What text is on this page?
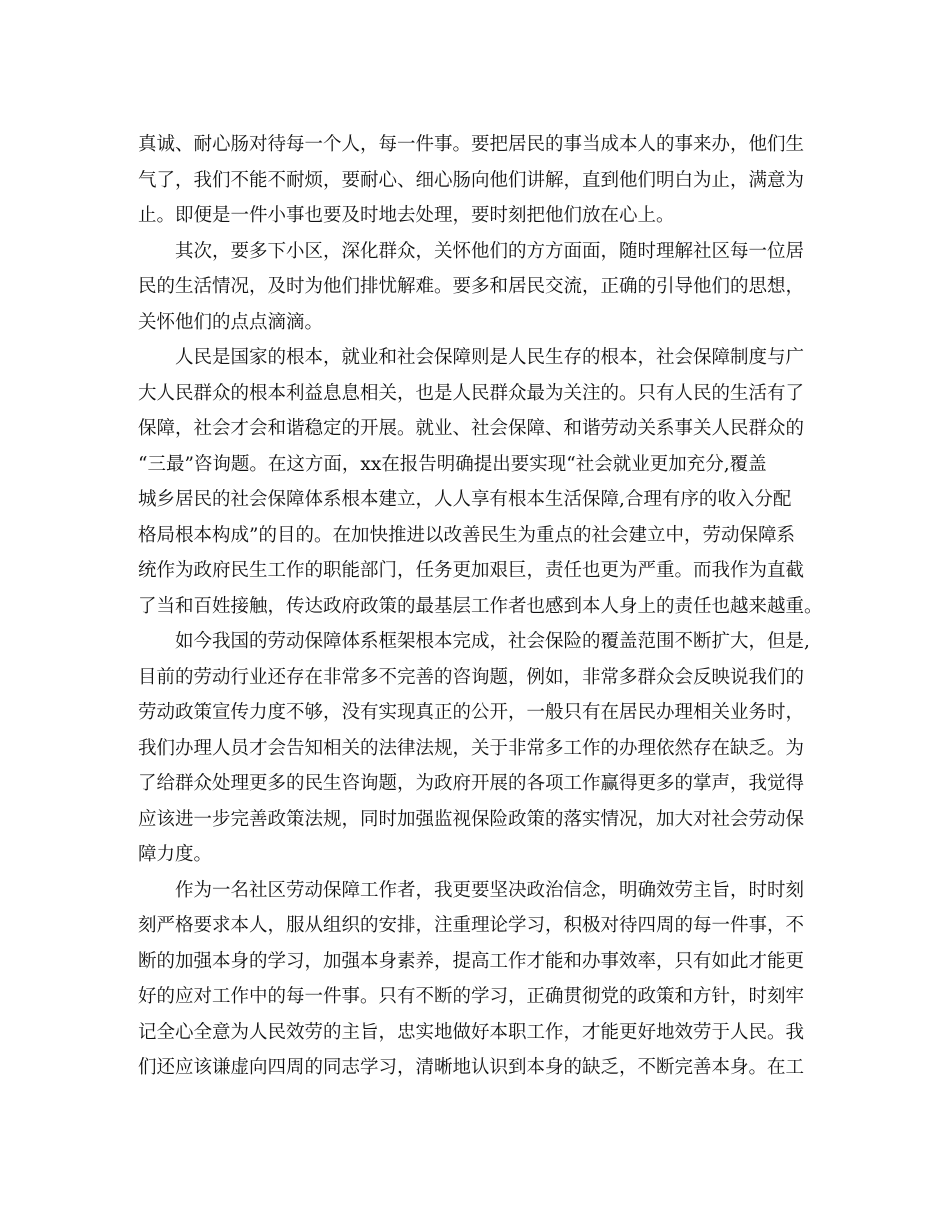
真诚、耐心肠对待每一个人，每一件事。要把居民的事当成本人的事来办，他们生
气了，我们不能不耐烦，要耐心、细心肠向他们讲解，直到他们明白为止，满意为
止。即便是一件小事也要及时地去处理，要时刻把他们放在心上。
　　其次，要多下小区，深化群众，关怀他们的方方面面，随时理解社区每一位居
民的生活情况，及时为他们排忧解难。要多和居民交流，正确的引导他们的思想，
关怀他们的点点滴滴。
　　人民是国家的根本，就业和社会保障则是人民生存的根本，社会保障制度与广
大人民群众的根本利益息息相关，也是人民群众最为关注的。只有人民的生活有了
保障，社会才会和谐稳定的开展。就业、社会保障、和谐劳动关系事关人民群众的
“三最”咨询题。在这方面，xx在报告明确提出要实现“社会就业更加充分,覆盖
城乡居民的社会保障体系根本建立，人人享有根本生活保障,合理有序的收入分配
格局根本构成”的目的。在加快推进以改善民生为重点的社会建立中，劳动保障系
统作为政府民生工作的职能部门，任务更加艰巨，责任也更为严重。而我作为直截
了当和百姓接触，传达政府政策的最基层工作者也感到本人身上的责任也越来越重。
　　如今我国的劳动保障体系框架根本完成，社会保险的覆盖范围不断扩大，但是,
目前的劳动行业还存在非常多不完善的咨询题，例如，非常多群众会反映说我们的
劳动政策宣传力度不够，没有实现真正的公开，一般只有在居民办理相关业务时，
我们办理人员才会告知相关的法律法规，关于非常多工作的办理依然存在缺乏。为
了给群众处理更多的民生咨询题，为政府开展的各项工作赢得更多的掌声，我觉得
应该进一步完善政策法规，同时加强监视保险政策的落实情况，加大对社会劳动保
障力度。
　　作为一名社区劳动保障工作者，我更要坚决政治信念，明确效劳主旨，时时刻
刻严格要求本人，服从组织的安排，注重理论学习，积极对待四周的每一件事，不
断的加强本身的学习，加强本身素养，提高工作才能和办事效率，只有如此才能更
好的应对工作中的每一件事。只有不断的学习，正确贯彻党的政策和方针，时刻牢
记全心全意为人民效劳的主旨，忠实地做好本职工作，才能更好地效劳于人民。我
们还应该谦虚向四周的同志学习，清晰地认识到本身的缺乏，不断完善本身。在工
